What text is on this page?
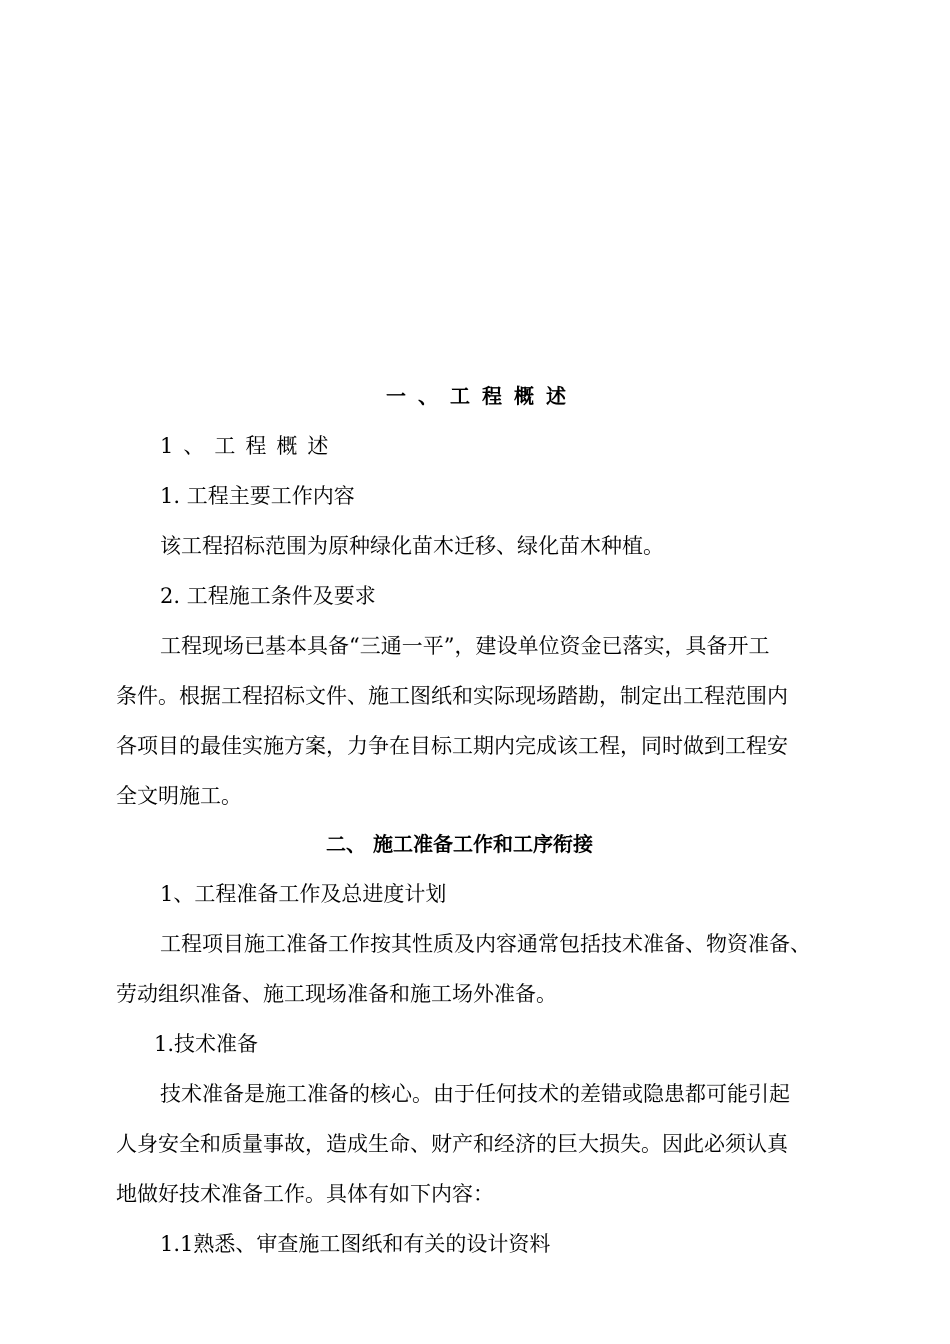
一、工程概述
1、工程概述
1. 工程主要工作内容
该工程招标范围为原种绿化苗木迁移、绿化苗木种植。
2. 工程施工条件及要求
工程现场已基本具备“三通一平”，建设单位资金已落实，具备开工
条件。根据工程招标文件、施工图纸和实际现场踏勘，制定出工程范围内
各项目的最佳实施方案，力争在目标工期内完成该工程，同时做到工程安
全文明施工。
二、 施工准备工作和工序衔接
1、工程准备工作及总进度计划
工程项目施工准备工作按其性质及内容通常包括技术准备、物资准备、
劳动组织准备、施工现场准备和施工场外准备。
1.技术准备
技术准备是施工准备的核心。由于任何技术的差错或隐患都可能引起
人身安全和质量事故，造成生命、财产和经济的巨大损失。因此必须认真
地做好技术准备工作。具体有如下内容：
1.1熟悉、审查施工图纸和有关的设计资料
